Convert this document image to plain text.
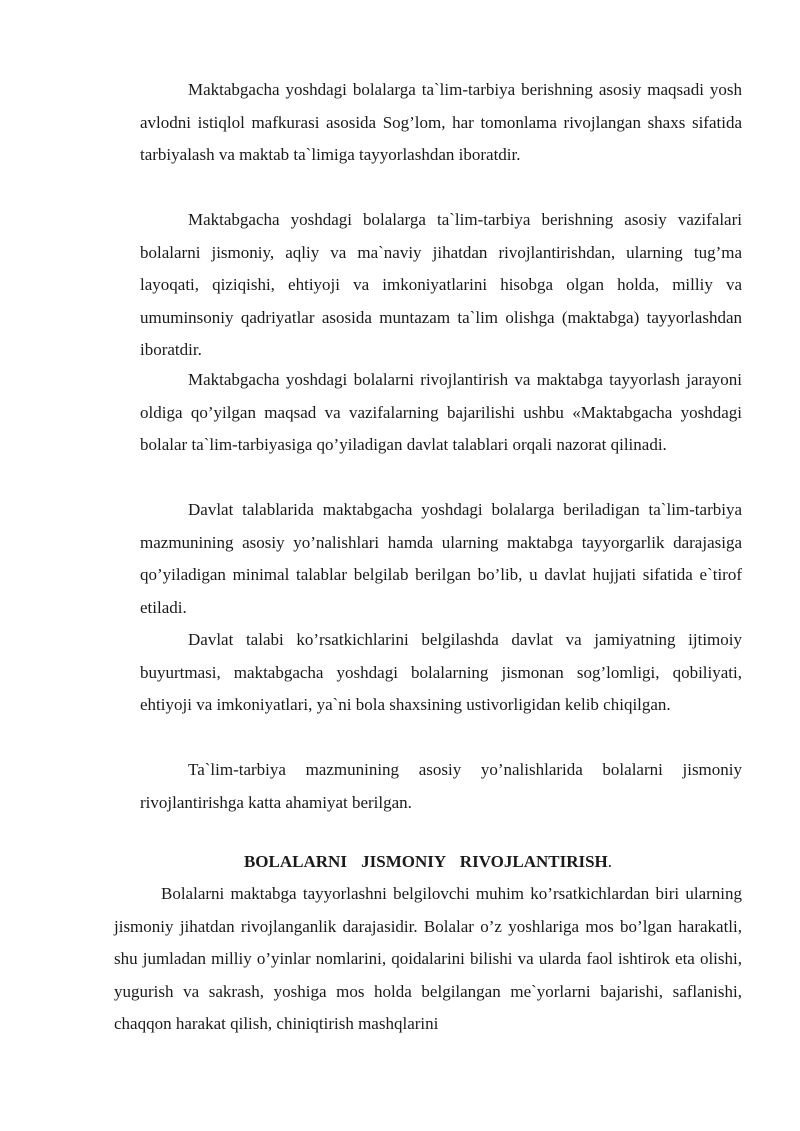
Maktabgacha yoshdagi bolalarga ta`lim-tarbiya berishning asosiy maqsadi yosh avlodni istiqlol mafkurasi asosida Sog’lom, har tomonlama rivojlangan shaxs sifatida tarbiyalash va maktab ta`limiga tayyorlashdan iboratdir.

Maktabgacha yoshdagi bolalarga ta`lim-tarbiya berishning asosiy vazifalari bolalarni jismoniy, aqliy va ma`naviy jihatdan rivojlantirishdan, ularning tug’ma layoqati, qiziqishi, ehtiyoji va imkoniyatlarini hisobga olgan holda, milliy va umuminsoniy qadriyatlar asosida muntazam ta`lim olishga (maktabga) tayyorlashdan iboratdir.

Maktabgacha yoshdagi bolalarni rivojlantirish va maktabga tayyorlash jarayoni oldiga qo’yilgan maqsad va vazifalarning bajarilishi ushbu «Maktabgacha yoshdagi bolalar ta`lim-tarbiyasiga qo’yiladigan davlat talablari orqali nazorat qilinadi.

Davlat talablarida maktabgacha yoshdagi bolalarga beriladigan ta`lim-tarbiya mazmunining asosiy yo’nalishlari hamda ularning maktabga tayyorgarlik darajasiga qo’yiladigan minimal talablar belgilab berilgan bo’lib, u davlat hujjati sifatida e`tirof etiladi.

Davlat talabi ko’rsatkichlarini belgilashda davlat va jamiyatning ijtimoiy buyurtmasi, maktabgacha yoshdagi bolalarning jismonan sog’lomligi, qobiliyati, ehtiyoji va imkoniyatlari, ya`ni bola shaxsining ustivorligidan kelib chiqilgan.

Ta`lim-tarbiya mazmunining asosiy yo’nalishlarida bolalarni jismoniy rivojlantirishga katta ahamiyat berilgan.

BOLALARNI JISMONIY RIVOJLANTIRISH.

Bolalarni maktabga tayyorlashni belgilovchi muhim ko’rsatkichlardan biri ularning jismoniy jihatdan rivojlanganlik darajasidir. Bolalar o’z yoshlariga mos bo’lgan harakatli, shu jumladan milliy o’yinlar nomlarini, qoidalarini bilishi va ularda faol ishtirok eta olishi, yugurish va sakrash, yoshiga mos holda belgilangan me`yorlarni bajarishi, saflanishi, chaqqon harakat qilish, chiniqtirish mashqlarini
